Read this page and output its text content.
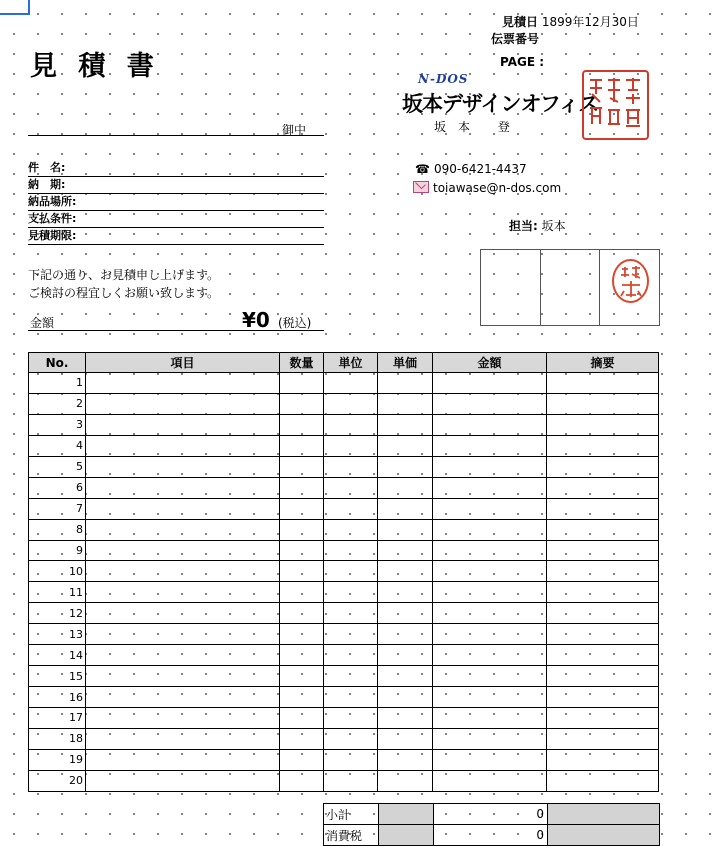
見 積 書
見積日 1899年12月30日
伝票番号
PAGE :
N-DOS
坂本デザインオフィス
坂本 登
御中
件　名:
納　期:
納品場所:
支払条件:
見積期限:
☎ 090-6421-4437
toiawase@n-dos.com
担当: 坂本
下記の通り、お見積申し上げます。
ご検討の程宜しくお願い致します。
金額	¥0 (税込)
No.	項目	数量	単位	単価	金額	摘要
1						
2						
3						
4						
5						
6						
7						
8						
9						
10						
11						
12						
13						
14						
15						
16						
17						
18						
19						
20						
小計		0	
消費税		0	
